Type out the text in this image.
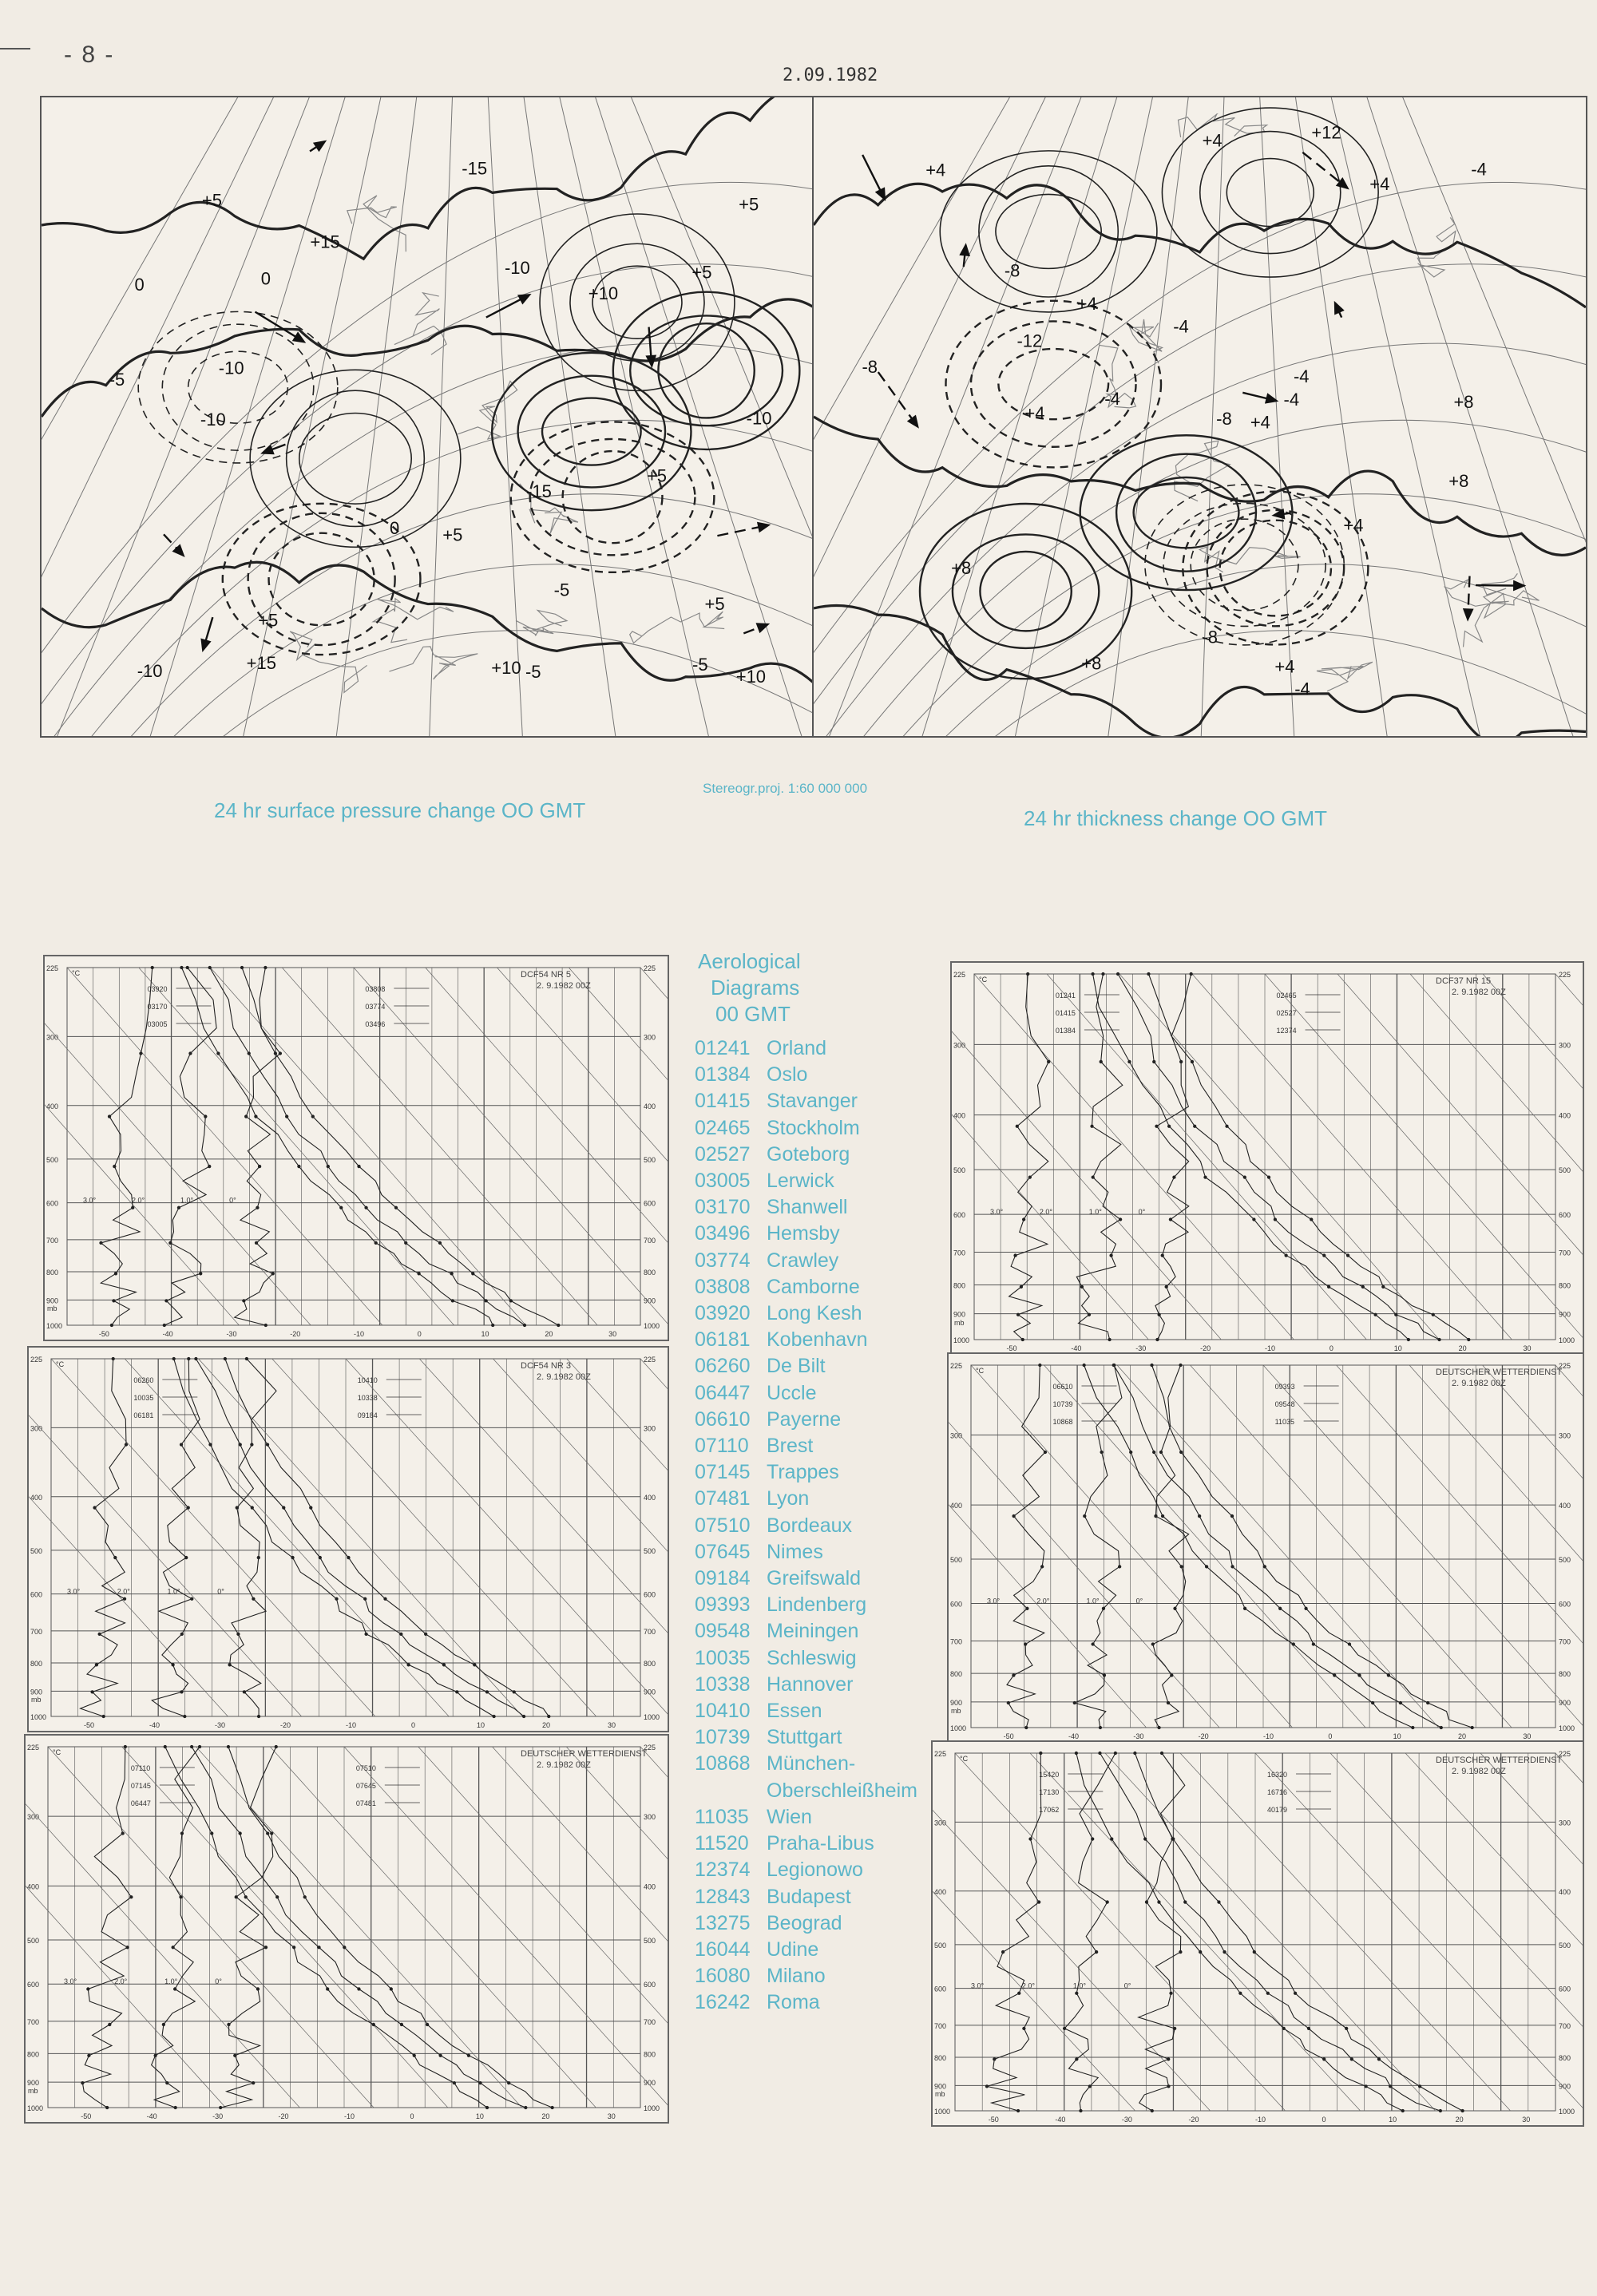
- 8 -
2.09.1982
-10
-5
+10
+5
+15
+10
-10
-15
-10
-5
-10
-15
+5
+5
-5
0
0 +5
+5
+5
-10
+10
+15
+5
-5
0
+4
+4
-4
+8
+4
+4
-4
-8
-4
+4
+8
-8
-4
+12
+8
+4
-12
-4
-8
-4
+8
+4
-8
+4
24 hr surface pressure change OO GMT
Stereogr.proj. 1:60 000 000
24 hr thickness change OO GMT
225	225
300	300
400	400
500	500
600	600
700	700
800	800
900	900
1000	1000
-50	-40	-30	-20	-10	0	10	20	30
3.0°	2.0°	1.0°	0°
mb
°C	DCF54 NR 5
2. 9.1982 00Z
03920
03170
03005
03808
03774
03496
225	225
300	300
400	400
500	500
600	600
700	700
800	800
900	900
1000	1000
-50	-40	-30	-20	-10	0	10	20	30
3.0°	2.0°	1.0°	0°
mb
°C	DCF37 NR 15
2. 9.1982 00Z
01241
01415
01384
02465
02527
12374
225	225
300	300
400	400
500	500
600	600
700	700
800	800
900	900
1000	1000
-50	-40	-30	-20	-10	0	10	20	30
3.0°	2.0°	1.0°	0°
mb
°C	DCF54 NR 3
2. 9.1982 00Z
06260
10035
06181
10410
10338
09184
225	225
300	300
400	400
500	500
600	600
700	700
800	800
900	900
1000	1000
-50	-40	-30	-20	-10	0	10	20	30
3.0°	2.0°	1.0°	0°
mb
°C	DEUTSCHER WETTERDIENST
2. 9.1982 00Z
06610
10739
10868
09393
09548
11035
225	225
300	300
400	400
500	500
600	600
700	700
800	800
900	900
1000	1000
-50	-40	-30	-20	-10	0	10	20	30
3.0°	2.0°	1.0°	0°
mb
°C	DEUTSCHER WETTERDIENST
2. 9.1982 00Z
07110
07145
06447
07510
07645
07481
225	225
300	300
400	400
500	500
600	600
700	700
800	800
900	900
1000	1000
-50	-40	-30	-20	-10	0	10	20	30
3.0°	2.0°	1.0°	0°
mb
°C	DEUTSCHER WETTERDIENST
2. 9.1982 00Z
15420
17130
17062
16320
16716
40179
Aerological
Diagrams
00 GMT
01241 Orland
01384 Oslo
01415 Stavanger
02465 Stockholm
02527 Goteborg
03005 Lerwick
03170 Shanwell
03496 Hemsby
03774 Crawley
03808 Camborne
03920 Long Kesh
06181 Kobenhavn
06260 De Bilt
06447 Uccle
06610 Payerne
07110 Brest
07145 Trappes
07481 Lyon
07510 Bordeaux
07645 Nimes
09184 Greifswald
09393 Lindenberg
09548 Meiningen
10035 Schleswig
10338 Hannover
10410 Essen
10739 Stuttgart
10868 München-
Oberschleißheim
11035 Wien
11520 Praha-Libus
12374 Legionowo
12843 Budapest
13275 Beograd
16044 Udine
16080 Milano
16242 Roma
